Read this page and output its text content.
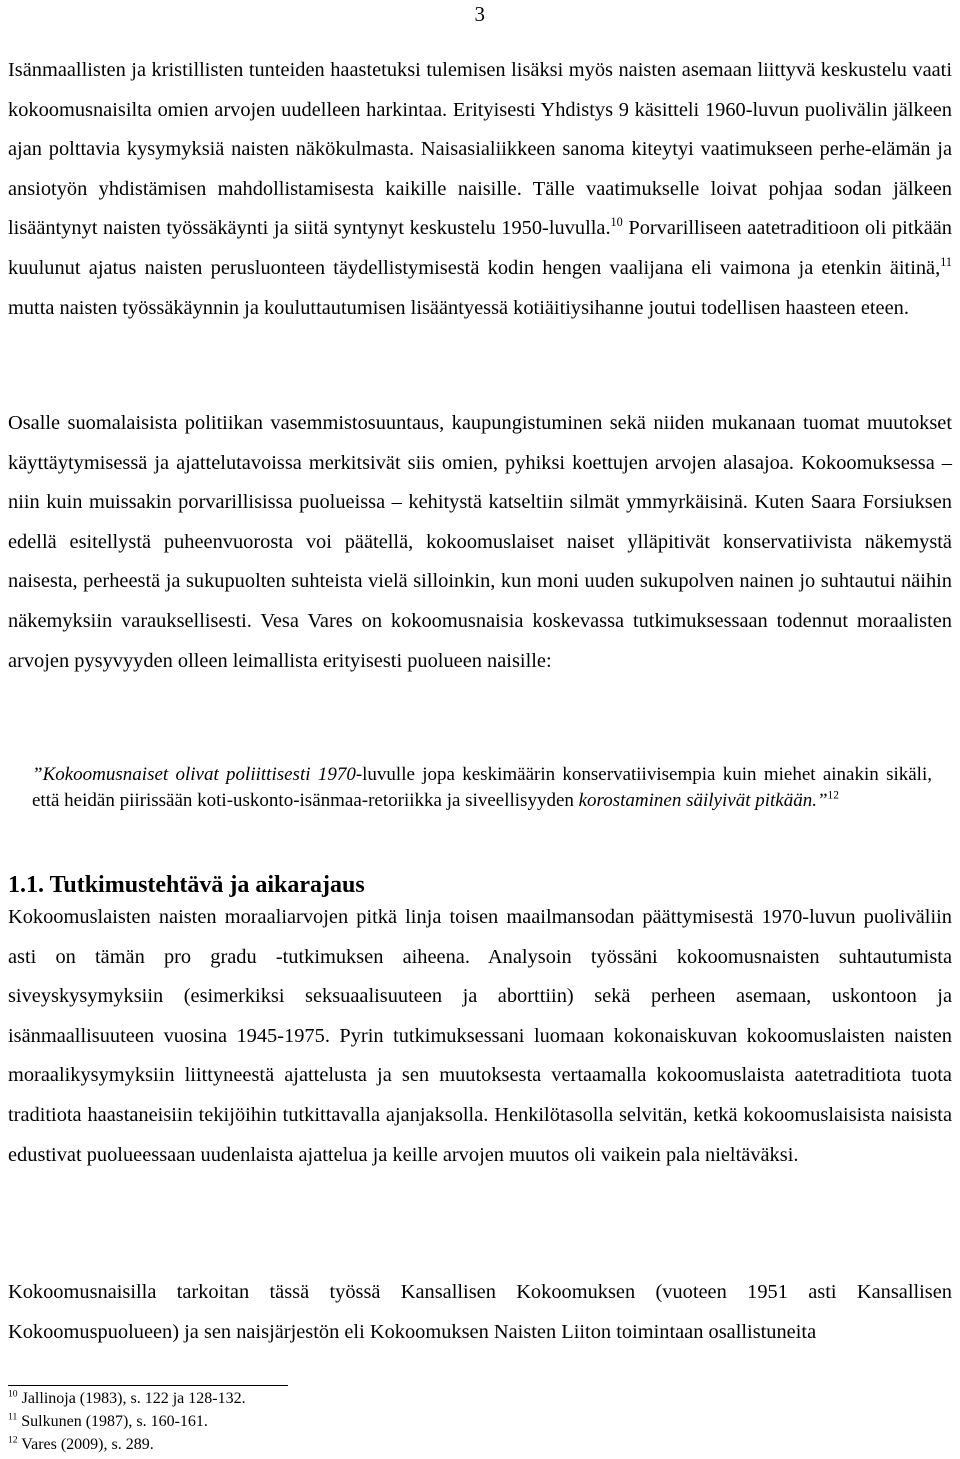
3

Isänmaallisten ja kristillisten tunteiden haastetuksi tulemisen lisäksi myös naisten asemaan liittyvä keskustelu vaati kokoomusnaisilta omien arvojen uudelleen harkintaa. Erityisesti Yhdistys 9 käsitteli 1960-luvun puolivälin jälkeen ajan polttavia kysymyksiä naisten näkökulmasta. Naisasialiikkeen sanoma kiteytyi vaatimukseen perhe-elämän ja ansiotyön yhdistämisen mahdollistamisesta kaikille naisille. Tälle vaatimukselle loivat pohjaa sodan jälkeen lisääntynyt naisten työssäkäynti ja siitä syntynyt keskustelu 1950-luvulla.$^{10}$ Porvarilliseen aatetraditioon oli pitkään kuulunut ajatus naisten perusluonteen täydellistymisestä kodin hengen vaalijana eli vaimona ja etenkin äitinä,$^{11}$ mutta naisten työssäkäynnin ja kouluttautumisen lisääntyessä kotiäitiysihanne joutui todellisen haasteen eteen.

Osalle suomalaisista politiikan vasemmistosuuntaus, kaupungistuminen sekä niiden mukanaan tuomat muutokset käyttäytymisessä ja ajattelutavoissa merkitsivät siis omien, pyhiksi koettujen arvojen alasajoa. Kokoomuksessa – niin kuin muissakin porvarillisissa puolueissa – kehitystä katseltiin silmät ymmyrkäisinä. Kuten Saara Forsiuksen edellä esitellystä puheenvuorosta voi päätellä, kokoomuslaiset naiset ylläpitivät konservatiivista näkemystä naisesta, perheestä ja sukupuolten suhteista vielä silloinkin, kun moni uuden sukupolven nainen jo suhtautui näihin näkemyksiin varauksellisesti. Vesa Vares on kokoomusnaisia koskevassa tutkimuksessaan todennut moraalisten arvojen pysyvyyden olleen leimallista erityisesti puolueen naisille:

”Kokoomusnaiset olivat poliittisesti 1970-luvulle jopa keskimäärin konservatiivisempia kuin miehet ainakin sikäli, että heidän piirissään koti-uskonto-isänmaa-retoriikka ja siveellisyyden korostaminen säilyivät pitkään.”$^{12}$

1.1. Tutkimustehtävä ja aikarajaus

Kokoomuslaisten naisten moraaliarvojen pitkä linja toisen maailmansodan päättymisestä 1970-luvun puoliväliin asti on tämän pro gradu -tutkimuksen aiheena. Analysoin työssäni kokoomusnaisten suhtautumista siveyskysymyksiin (esimerkiksi seksuaalisuuteen ja aborttiin) sekä perheen asemaan, uskontoon ja isänmaallisuuteen vuosina 1945-1975. Pyrin tutkimuksessani luomaan kokonaiskuvan kokoomuslaisten naisten moraalikysymyksiin liittyneestä ajattelusta ja sen muutoksesta vertaamalla kokoomuslaista aatetraditiota tuota traditiota haastaneisiin tekijöihin tutkittavalla ajanjaksolla. Henkilötasolla selvitän, ketkä kokoomuslaisista naisista edustivat puolueessaan uudenlaista ajattelua ja keille arvojen muutos oli vaikein pala nieltäväksi.

Kokoomusnaisilla tarkoitan tässä työssä Kansallisen Kokoomuksen (vuoteen 1951 asti Kansallisen Kokoomuspuolueen) ja sen naisjärjestön eli Kokoomuksen Naisten Liiton toimintaan osallistuneita

$^{10}$ Jallinoja (1983), s. 122 ja 128-132.
$^{11}$ Sulkunen (1987), s. 160-161.
$^{12}$ Vares (2009), s. 289.
